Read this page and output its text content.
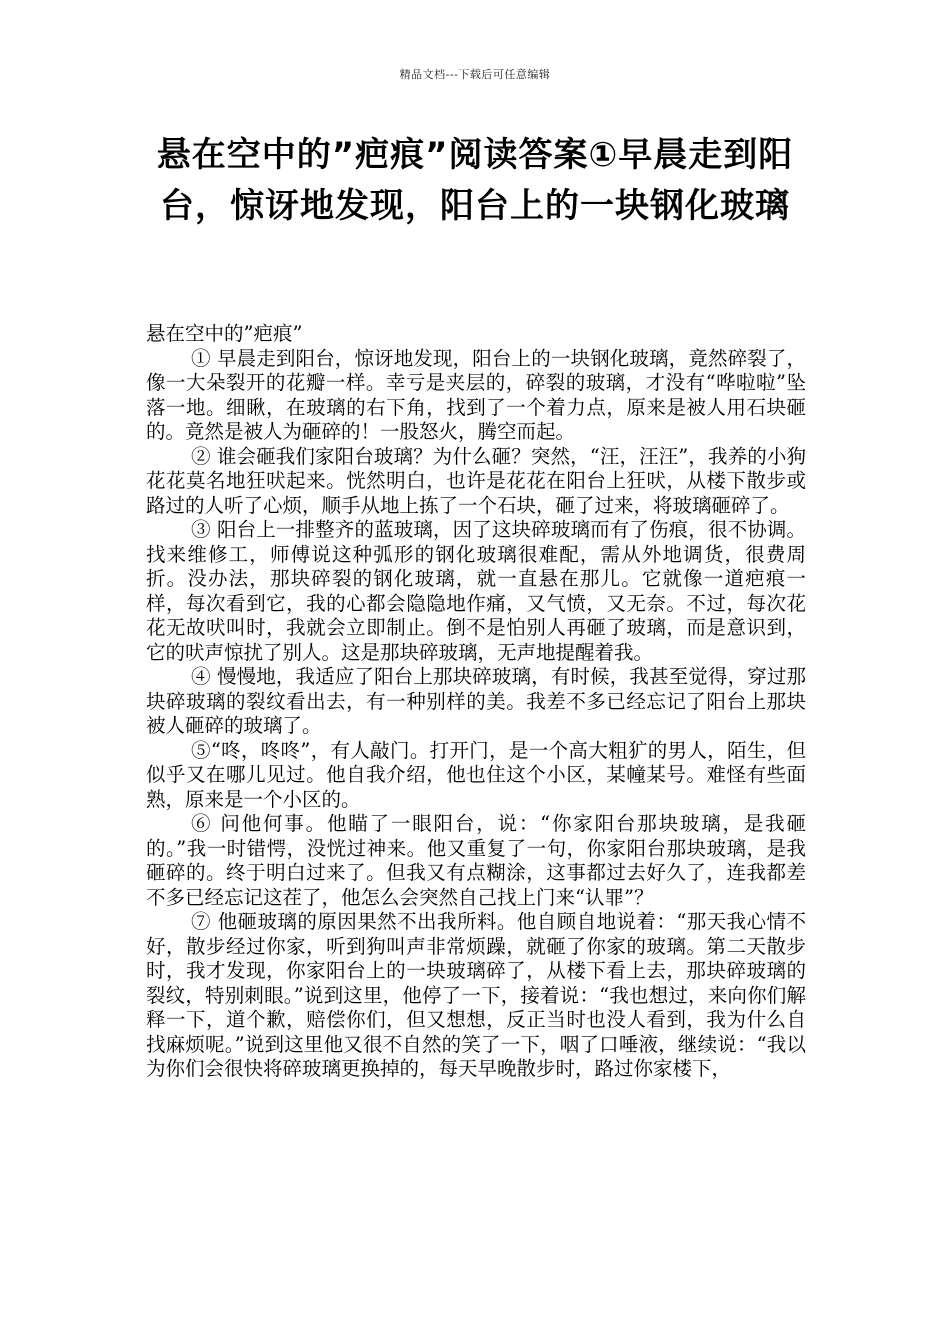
精品文档---下载后可任意编辑
悬在空中的”疤痕”阅读答案①早晨走到阳台，惊讶地发现，阳台上的一块钢化玻璃

悬在空中的”疤痕”

① 早晨走到阳台，惊讶地发现，阳台上的一块钢化玻璃，竟然碎裂了，像一大朵裂开的花瓣一样。幸亏是夹层的，碎裂的玻璃，才没有“哗啦啦”坠落一地。细瞅，在玻璃的右下角，找到了一个着力点，原来是被人用石块砸的。竟然是被人为砸碎的！一股怒火，腾空而起。

② 谁会砸我们家阳台玻璃？为什么砸？突然，“汪，汪汪”，我养的小狗花花莫名地狂吠起来。恍然明白，也许是花花在阳台上狂吠，从楼下散步或路过的人听了心烦，顺手从地上拣了一个石块，砸了过来，将玻璃砸碎了。

③ 阳台上一排整齐的蓝玻璃，因了这块碎玻璃而有了伤痕，很不协调。找来维修工，师傅说这种弧形的钢化玻璃很难配，需从外地调货，很费周折。没办法，那块碎裂的钢化玻璃，就一直悬在那儿。它就像一道疤痕一样，每次看到它，我的心都会隐隐地作痛，又气愤，又无奈。不过，每次花花无故吠叫时，我就会立即制止。倒不是怕别人再砸了玻璃，而是意识到，它的吠声惊扰了别人。这是那块碎玻璃，无声地提醒着我。

④ 慢慢地，我适应了阳台上那块碎玻璃，有时候，我甚至觉得，穿过那块碎玻璃的裂纹看出去，有一种别样的美。我差不多已经忘记了阳台上那块被人砸碎的玻璃了。

⑤“咚，咚咚”，有人敲门。打开门，是一个高大粗犷的男人，陌生，但似乎又在哪儿见过。他自我介绍，他也住这个小区，某幢某号。难怪有些面熟，原来是一个小区的。

⑥ 问他何事。他瞄了一眼阳台，说：“你家阳台那块玻璃，是我砸的。”我一时错愕，没恍过神来。他又重复了一句，你家阳台那块玻璃，是我砸碎的。终于明白过来了。但我又有点糊涂，这事都过去好久了，连我都差不多已经忘记这茬了，他怎么会突然自己找上门来“认罪”？

⑦ 他砸玻璃的原因果然不出我所料。他自顾自地说着：“那天我心情不好，散步经过你家，听到狗叫声非常烦躁，就砸了你家的玻璃。第二天散步时，我才发现，你家阳台上的一块玻璃碎了，从楼下看上去，那块碎玻璃的裂纹，特别刺眼。”说到这里，他停了一下，接着说：“我也想过，来向你们解释一下，道个歉，赔偿你们，但又想想，反正当时也没人看到，我为什么自找麻烦呢。”说到这里他又很不自然的笑了一下，咽了口唾液，继续说：“我以为你们会很快将碎玻璃更换掉的，每天早晚散步时，路过你家楼下，
